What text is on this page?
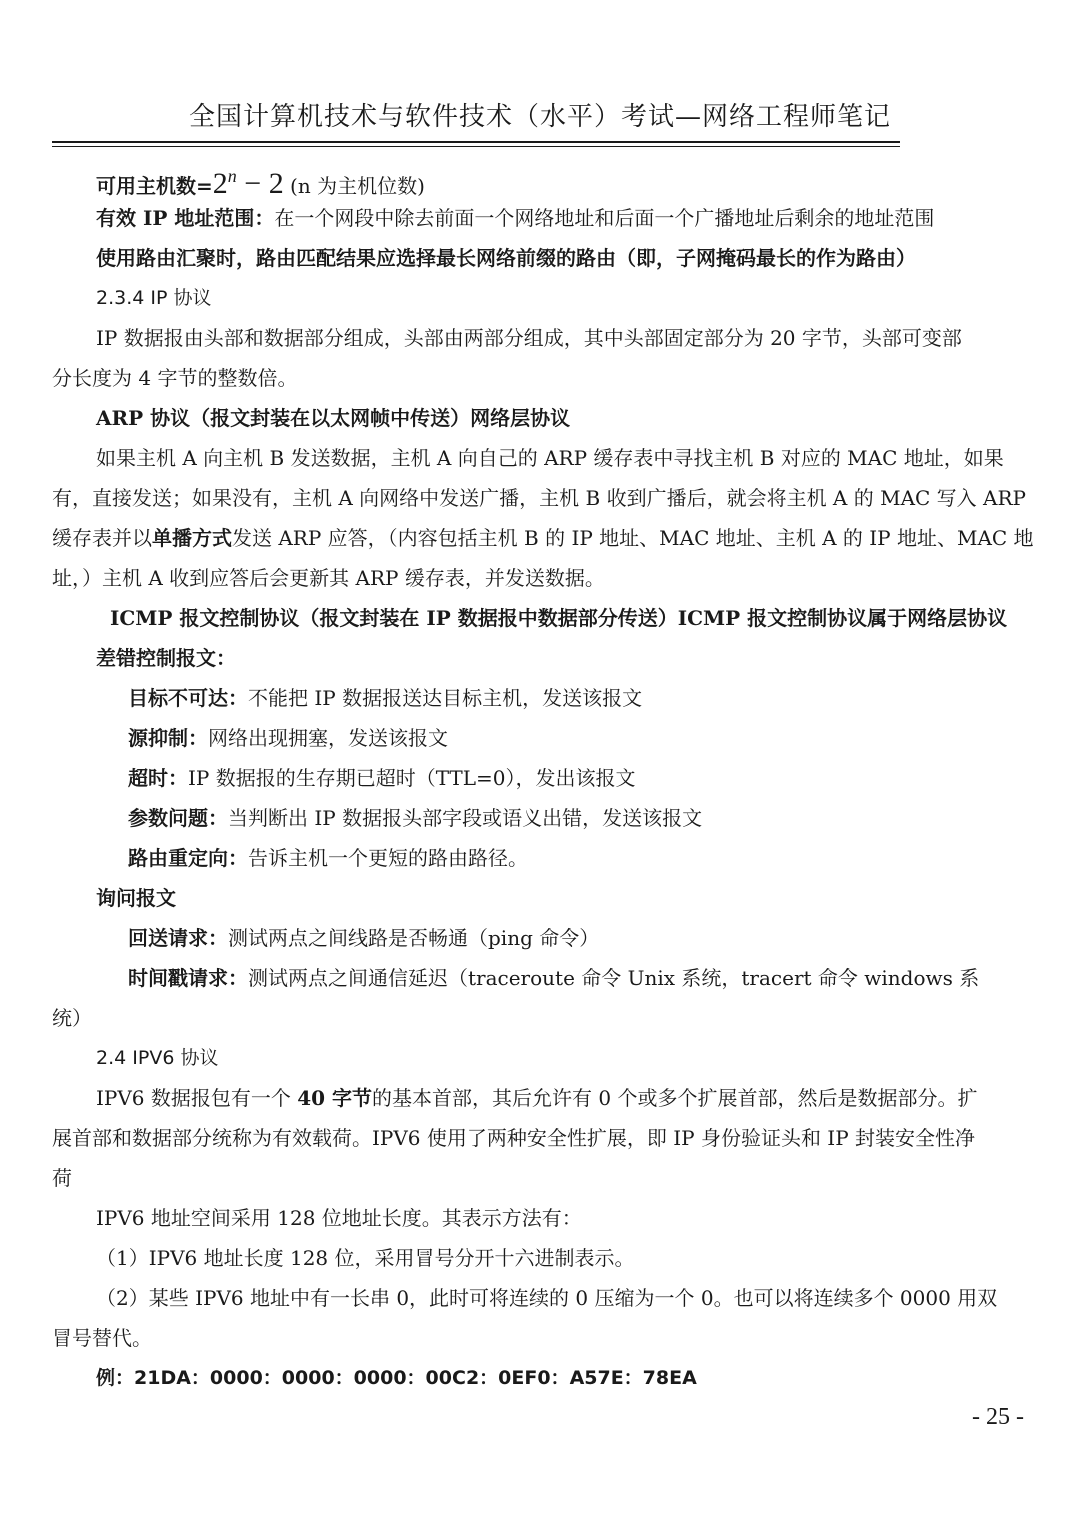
全国计算机技术与软件技术（水平）考试—网络工程师笔记
可用主机数$=2^n - 2$ (n 为主机位数)
有效 IP 地址范围：在一个网段中除去前面一个网络地址和后面一个广播地址后剩余的地址范围
使用路由汇聚时，路由匹配结果应选择最长网络前缀的路由（即，子网掩码最长的作为路由）
2.3.4 IP 协议
IP 数据报由头部和数据部分组成，头部由两部分组成，其中头部固定部分为 20 字节，头部可变部
分长度为 4 字节的整数倍。
ARP 协议（报文封装在以太网帧中传送）网络层协议
如果主机 A 向主机 B 发送数据，主机 A 向自己的 ARP 缓存表中寻找主机 B 对应的 MAC 地址，如果
有，直接发送；如果没有，主机 A 向网络中发送广播，主机 B 收到广播后，就会将主机 A 的 MAC 写入 ARP
缓存表并以单播方式发送 ARP 应答，（内容包括主机 B 的 IP 地址、MAC 地址、主机 A 的 IP 地址、MAC 地
址，）主机 A 收到应答后会更新其 ARP 缓存表，并发送数据。
ICMP 报文控制协议（报文封装在 IP 数据报中数据部分传送）ICMP 报文控制协议属于网络层协议
差错控制报文：
目标不可达：不能把 IP 数据报送达目标主机，发送该报文
源抑制：网络出现拥塞，发送该报文
超时：IP 数据报的生存期已超时（TTL=0），发出该报文
参数问题：当判断出 IP 数据报头部字段或语义出错，发送该报文
路由重定向：告诉主机一个更短的路由路径。
询问报文
回送请求：测试两点之间线路是否畅通（ping 命令）
时间戳请求：测试两点之间通信延迟（traceroute 命令 Unix 系统，tracert 命令 windows 系
统）
2.4 IPV6 协议
IPV6 数据报包有一个 40 字节的基本首部，其后允许有 0 个或多个扩展首部，然后是数据部分。扩
展首部和数据部分统称为有效载荷。IPV6 使用了两种安全性扩展，即 IP 身份验证头和 IP 封装安全性净
荷
IPV6 地址空间采用 128 位地址长度。其表示方法有：
（1）IPV6 地址长度 128 位，采用冒号分开十六进制表示。
（2）某些 IPV6 地址中有一长串 0，此时可将连续的 0 压缩为一个 0。也可以将连续多个 0000 用双
冒号替代。
例：21DA：0000：0000：0000：00C2：0EF0：A57E：78EA
- 25 -
